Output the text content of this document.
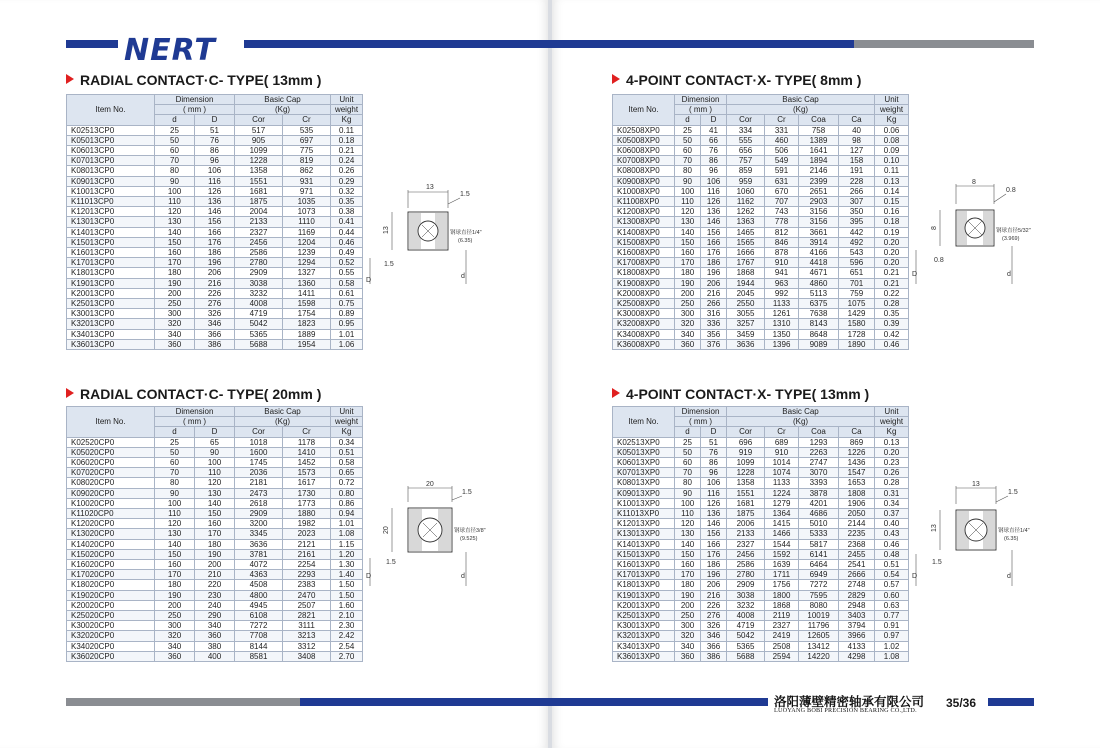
NERT
RADIAL CONTACT·C- TYPE( 13mm )
RADIAL CONTACT·C- TYPE( 20mm )
4-POINT CONTACT·X- TYPE( 8mm )
4-POINT CONTACT·X- TYPE( 13mm )
Item No.	Dimension		Basic Cap		Unit
	( mm )		(Kg)		weight
	d	D	Cor	Cr	Kg
K02513CP0	25	51	517	535	0.11
K05013CP0	50	76	905	697	0.18
K06013CP0	60	86	1099	775	0.21
K07013CP0	70	96	1228	819	0.24
K08013CP0	80	106	1358	862	0.26
K09013CP0	90	116	1551	931	0.29
K10013CP0	100	126	1681	971	0.32
K11013CP0	110	136	1875	1035	0.35
K12013CP0	120	146	2004	1073	0.38
K13013CP0	130	156	2133	1110	0.41
K14013CP0	140	166	2327	1169	0.44
K15013CP0	150	176	2456	1204	0.46
K16013CP0	160	186	2586	1239	0.49
K17013CP0	170	196	2780	1294	0.52
K18013CP0	180	206	2909	1327	0.55
K19013CP0	190	216	3038	1360	0.58
K20013CP0	200	226	3232	1411	0.61
K25013CP0	250	276	4008	1598	0.75
K30013CP0	300	326	4719	1754	0.89
K32013CP0	320	346	5042	1823	0.95
K34013CP0	340	366	5365	1889	1.01
K36013CP0	360	386	5688	1954	1.06
Item No.	Dimension		Basic Cap		Unit
	( mm )		(Kg)		weight
	d	D	Cor	Cr	Kg
K02520CP0	25	65	1018	1178	0.34
K05020CP0	50	90	1600	1410	0.51
K06020CP0	60	100	1745	1452	0.58
K07020CP0	70	110	2036	1573	0.65
K08020CP0	80	120	2181	1617	0.72
K09020CP0	90	130	2473	1730	0.80
K10020CP0	100	140	2618	1773	0.86
K11020CP0	110	150	2909	1880	0.94
K12020CP0	120	160	3200	1982	1.01
K13020CP0	130	170	3345	2023	1.08
K14020CP0	140	180	3636	2121	1.15
K15020CP0	150	190	3781	2161	1.20
K16020CP0	160	200	4072	2254	1.30
K17020CP0	170	210	4363	2293	1.40
K18020CP0	180	220	4508	2383	1.50
K19020CP0	190	230	4800	2470	1.50
K20020CP0	200	240	4945	2507	1.60
K25020CP0	250	290	6108	2821	2.10
K30020CP0	300	340	7272	3111	2.30
K32020CP0	320	360	7708	3213	2.42
K34020CP0	340	380	8144	3312	2.54
K36020CP0	360	400	8581	3408	2.70
Item No.	Dimension		Basic Cap				Unit
	( mm )		(Kg)				weight
	d	D	Cor	Cr	Coa	Ca	Kg
K02508XP0	25	41	334	331	758	40	0.06
K05008XP0	50	66	555	460	1389	98	0.08
K06008XP0	60	76	656	506	1641	127	0.09
K07008XP0	70	86	757	549	1894	158	0.10
K08008XP0	80	96	859	591	2146	191	0.11
K09008XP0	90	106	959	631	2399	228	0.13
K10008XP0	100	116	1060	670	2651	266	0.14
K11008XP0	110	126	1162	707	2903	307	0.15
K12008XP0	120	136	1262	743	3156	350	0.16
K13008XP0	130	146	1363	778	3156	395	0.18
K14008XP0	140	156	1465	812	3661	442	0.19
K15008XP0	150	166	1565	846	3914	492	0.20
K16008XP0	160	176	1666	878	4166	543	0.20
K17008XP0	170	186	1767	910	4418	596	0.20
K18008XP0	180	196	1868	941	4671	651	0.21
K19008XP0	190	206	1944	963	4860	701	0.21
K20008XP0	200	216	2045	992	5113	759	0.22
K25008XP0	250	266	2550	1133	6375	1075	0.28
K30008XP0	300	316	3055	1261	7638	1429	0.35
K32008XP0	320	336	3257	1310	8143	1580	0.39
K34008XP0	340	356	3459	1350	8648	1728	0.42
K36008XP0	360	376	3636	1396	9089	1890	0.46
Item No.	Dimension		Basic Cap				Unit
	( mm )		(Kg)				weight
	d	D	Cor	Cr	Coa	Ca	Kg
K02513XP0	25	51	696	689	1293	869	0.13
K05013XP0	50	76	919	910	2263	1226	0.20
K06013XP0	60	86	1099	1014	2747	1436	0.23
K07013XP0	70	96	1228	1074	3070	1547	0.26
K08013XP0	80	106	1358	1133	3393	1653	0.28
K09013XP0	90	116	1551	1224	3878	1808	0.31
K10013XP0	100	126	1681	1279	4201	1906	0.34
K11013XP0	110	136	1875	1364	4686	2050	0.37
K12013XP0	120	146	2006	1415	5010	2144	0.40
K13013XP0	130	156	2133	1466	5333	2235	0.43
K14013XP0	140	166	2327	1544	5817	2368	0.46
K15013XP0	150	176	2456	1592	6141	2455	0.48
K16013XP0	160	186	2586	1639	6464	2541	0.51
K17013XP0	170	196	2780	1711	6949	2666	0.54
K18013XP0	180	206	2909	1756	7272	2748	0.57
K19013XP0	190	216	3038	1800	7595	2829	0.60
K20013XP0	200	226	3232	1868	8080	2948	0.63
K25013XP0	250	276	4008	2119	10019	3403	0.77
K30013XP0	300	326	4719	2327	11796	3794	0.91
K32013XP0	320	346	5042	2419	12605	3966	0.97
K34013XP0	340	366	5365	2508	13412	4133	1.02
K36013XP0	360	386	5688	2594	14220	4298	1.08
13
1.5
13	钢球直径1/4"
(6.35)
1.5
D
d
20
1.5
20	钢球直径3/8"
(9.525)
1.5
D	d
8
0.8
8	钢球直径5/32"
(3.969)
0.8
D	d
13
1.5
13	钢球直径1/4"
(6.35)
1.5
D	d
洛阳薄壁精密轴承有限公司
LUOYANG BOBI PRECISION BEARING CO.,LTD.
35/36
